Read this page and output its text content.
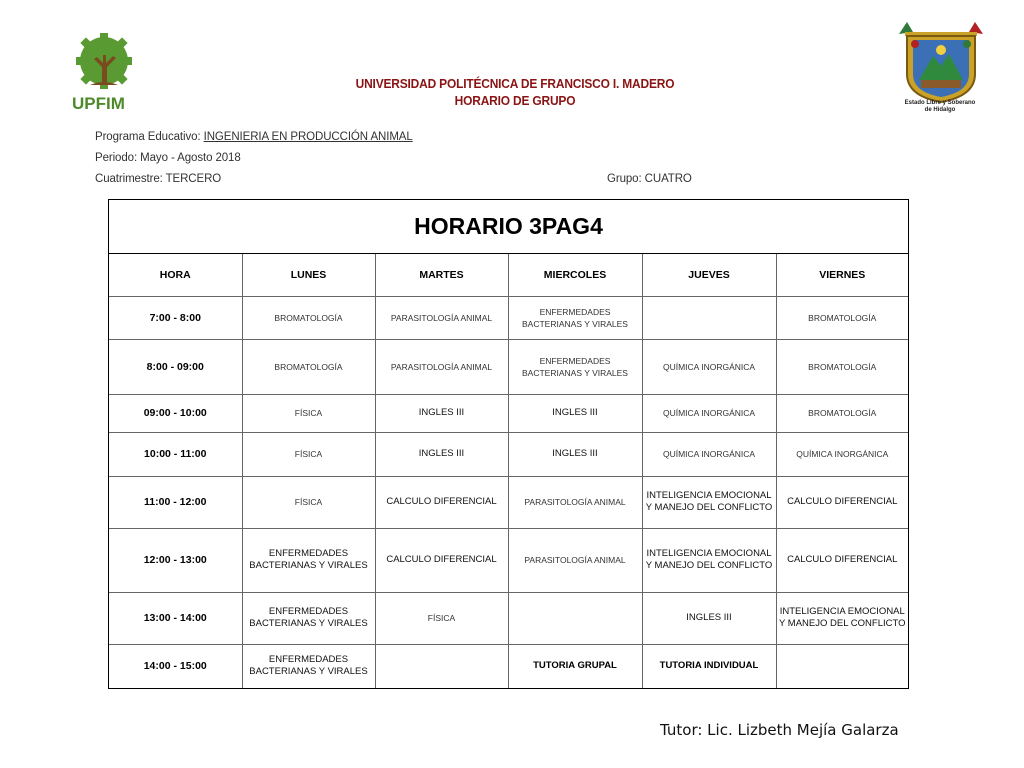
UPFIM	Estado Libre y Soberano
de Hidalgo
UNIVERSIDAD POLITÉCNICA DE FRANCISCO I. MADERO
HORARIO DE GRUPO
Programa Educativo: INGENIERIA EN PRODUCCIÓN ANIMAL
Periodo: Mayo - Agosto 2018
Cuatrimestre: TERCERO	Grupo: CUATRO
HORARIO 3PAG4
HORA	LUNES	MARTES	MIERCOLES	JUEVES	VIERNES
7:00 - 8:00	BROMATOLOGÍA	PARASITOLOGÍA ANIMAL	ENFERMEDADES BACTERIANAS Y VIRALES		BROMATOLOGÍA
8:00 - 09:00	BROMATOLOGÍA	PARASITOLOGÍA ANIMAL	ENFERMEDADES BACTERIANAS Y VIRALES	QUÍMICA INORGÁNICA	BROMATOLOGÍA
09:00 - 10:00	FÍSICA	INGLES III	INGLES III	QUÍMICA INORGÁNICA	BROMATOLOGÍA
10:00 - 11:00	FÍSICA	INGLES III	INGLES III	QUÍMICA INORGÁNICA	QUÍMICA INORGÁNICA
11:00 - 12:00	FÍSICA	CALCULO DIFERENCIAL	PARASITOLOGÍA ANIMAL	INTELIGENCIA EMOCIONAL Y MANEJO DEL CONFLICTO	CALCULO DIFERENCIAL
12:00 - 13:00	ENFERMEDADES BACTERIANAS Y VIRALES	CALCULO DIFERENCIAL	PARASITOLOGÍA ANIMAL	INTELIGENCIA EMOCIONAL Y MANEJO DEL CONFLICTO	CALCULO DIFERENCIAL
13:00 - 14:00	ENFERMEDADES BACTERIANAS Y VIRALES	FÍSICA		INGLES III	INTELIGENCIA EMOCIONAL Y MANEJO DEL CONFLICTO
14:00 - 15:00	ENFERMEDADES BACTERIANAS Y VIRALES		TUTORIA GRUPAL	TUTORIA INDIVIDUAL	
Tutor: Lic. Lizbeth Mejía Galarza
